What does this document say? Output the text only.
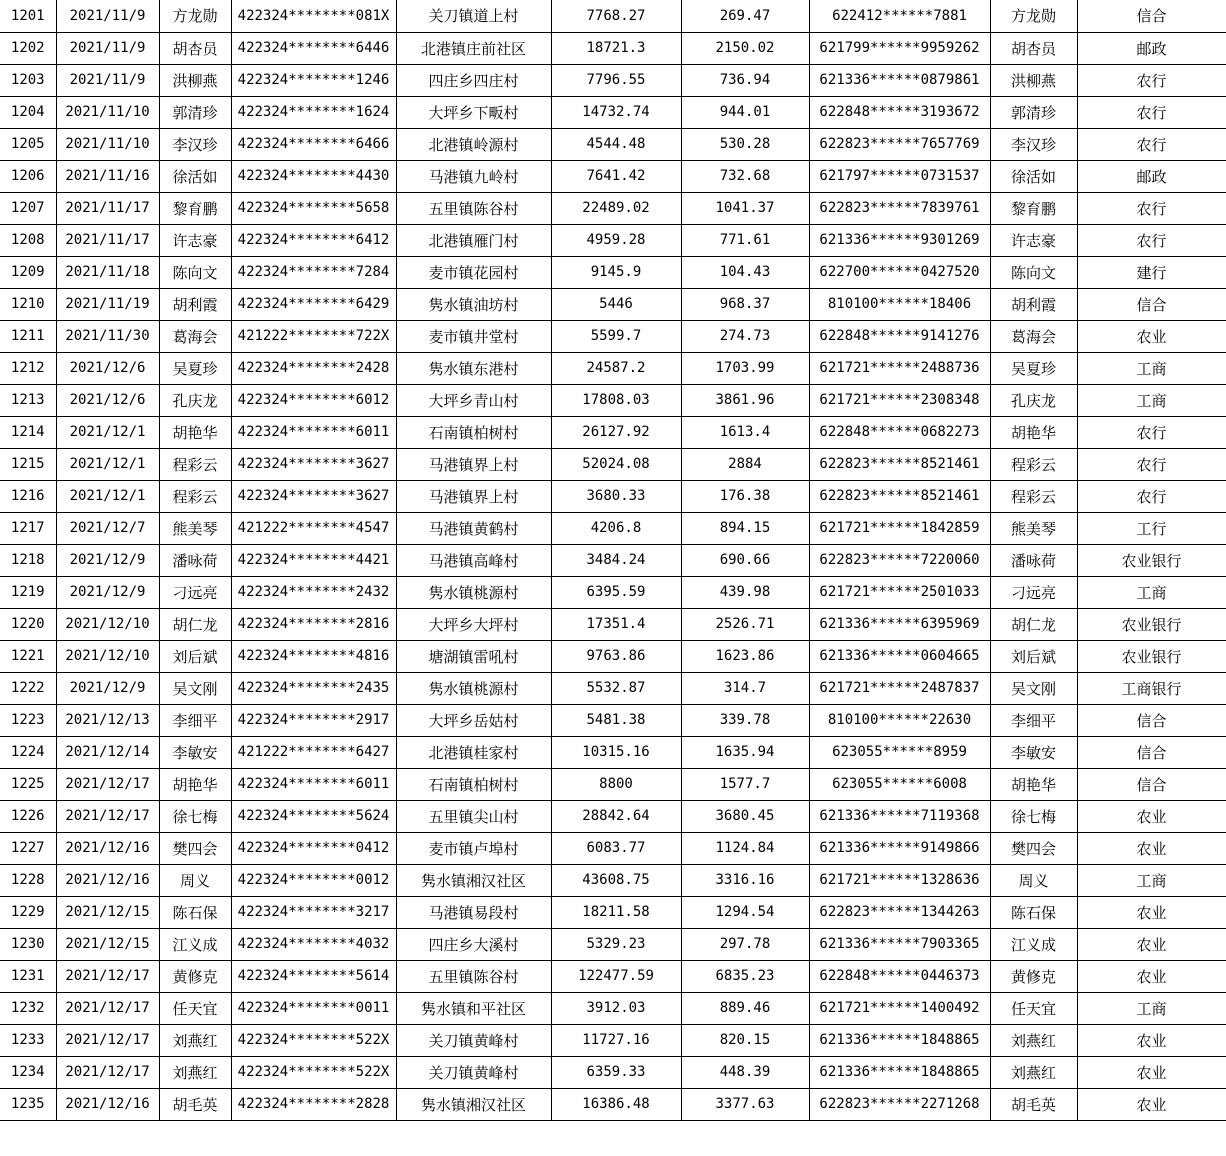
1201	2021/11/9	方龙勋	422324********081X	关刀镇道上村	7768.27	269.47	622412******7881	方龙勋	信合
1202	2021/11/9	胡杏员	422324********6446	北港镇庄前社区	18721.3	2150.02	621799******9959262	胡杏员	邮政
1203	2021/11/9	洪柳燕	422324********1246	四庄乡四庄村	7796.55	736.94	621336******0879861	洪柳燕	农行
1204	2021/11/10	郭清珍	422324********1624	大坪乡下畈村	14732.74	944.01	622848******3193672	郭清珍	农行
1205	2021/11/10	李汉珍	422324********6466	北港镇岭源村	4544.48	530.28	622823******7657769	李汉珍	农行
1206	2021/11/16	徐活如	422324********4430	马港镇九岭村	7641.42	732.68	621797******0731537	徐活如	邮政
1207	2021/11/17	黎育鹏	422324********5658	五里镇陈谷村	22489.02	1041.37	622823******7839761	黎育鹏	农行
1208	2021/11/17	许志豪	422324********6412	北港镇雁门村	4959.28	771.61	621336******9301269	许志豪	农行
1209	2021/11/18	陈向文	422324********7284	麦市镇花园村	9145.9	104.43	622700******0427520	陈向文	建行
1210	2021/11/19	胡利霞	422324********6429	隽水镇油坊村	5446	968.37	810100******18406	胡利霞	信合
1211	2021/11/30	葛海会	421222********722X	麦市镇井堂村	5599.7	274.73	622848******9141276	葛海会	农业
1212	2021/12/6	吴夏珍	422324********2428	隽水镇东港村	24587.2	1703.99	621721******2488736	吴夏珍	工商
1213	2021/12/6	孔庆龙	422324********6012	大坪乡青山村	17808.03	3861.96	621721******2308348	孔庆龙	工商
1214	2021/12/1	胡艳华	422324********6011	石南镇柏树村	26127.92	1613.4	622848******0682273	胡艳华	农行
1215	2021/12/1	程彩云	422324********3627	马港镇界上村	52024.08	2884	622823******8521461	程彩云	农行
1216	2021/12/1	程彩云	422324********3627	马港镇界上村	3680.33	176.38	622823******8521461	程彩云	农行
1217	2021/12/7	熊美琴	421222********4547	马港镇黄鹤村	4206.8	894.15	621721******1842859	熊美琴	工行
1218	2021/12/9	潘咏荷	422324********4421	马港镇高峰村	3484.24	690.66	622823******7220060	潘咏荷	农业银行
1219	2021/12/9	刁远亮	422324********2432	隽水镇桃源村	6395.59	439.98	621721******2501033	刁远亮	工商
1220	2021/12/10	胡仁龙	422324********2816	大坪乡大坪村	17351.4	2526.71	621336******6395969	胡仁龙	农业银行
1221	2021/12/10	刘后斌	422324********4816	塘湖镇雷吼村	9763.86	1623.86	621336******0604665	刘后斌	农业银行
1222	2021/12/9	吴文刚	422324********2435	隽水镇桃源村	5532.87	314.7	621721******2487837	吴文刚	工商银行
1223	2021/12/13	李细平	422324********2917	大坪乡岳姑村	5481.38	339.78	810100******22630	李细平	信合
1224	2021/12/14	李敏安	421222********6427	北港镇桂家村	10315.16	1635.94	623055******8959	李敏安	信合
1225	2021/12/17	胡艳华	422324********6011	石南镇柏树村	8800	1577.7	623055******6008	胡艳华	信合
1226	2021/12/17	徐七梅	422324********5624	五里镇尖山村	28842.64	3680.45	621336******7119368	徐七梅	农业
1227	2021/12/16	樊四会	422324********0412	麦市镇卢埠村	6083.77	1124.84	621336******9149866	樊四会	农业
1228	2021/12/16	周义	422324********0012	隽水镇湘汉社区	43608.75	3316.16	621721******1328636	周义	工商
1229	2021/12/15	陈石保	422324********3217	马港镇易段村	18211.58	1294.54	622823******1344263	陈石保	农业
1230	2021/12/15	江义成	422324********4032	四庄乡大溪村	5329.23	297.78	621336******7903365	江义成	农业
1231	2021/12/17	黄修克	422324********5614	五里镇陈谷村	122477.59	6835.23	622848******0446373	黄修克	农业
1232	2021/12/17	任天宜	422324********0011	隽水镇和平社区	3912.03	889.46	621721******1400492	任天宜	工商
1233	2021/12/17	刘燕红	422324********522X	关刀镇黄峰村	11727.16	820.15	621336******1848865	刘燕红	农业
1234	2021/12/17	刘燕红	422324********522X	关刀镇黄峰村	6359.33	448.39	621336******1848865	刘燕红	农业
1235	2021/12/16	胡毛英	422324********2828	隽水镇湘汉社区	16386.48	3377.63	622823******2271268	胡毛英	农业
